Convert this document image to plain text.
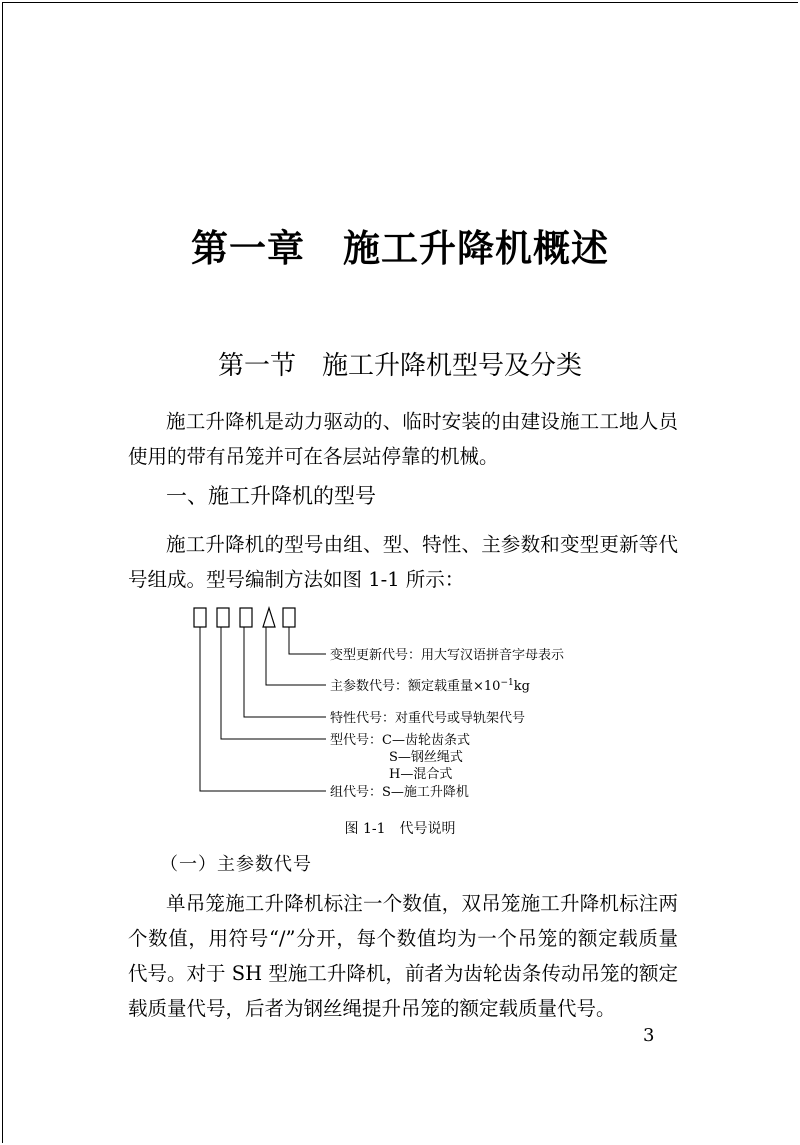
第一章　施工升降机概述
第一节　施工升降机型号及分类
施工升降机是动力驱动的、临时安装的由建设施工工地人员使用的带有吊笼并可在各层站停靠的机械。
一、施工升降机的型号
施工升降机的型号由组、型、特性、主参数和变型更新等代号组成。型号编制方法如图 1-1 所示：
变型更新代号：用大写汉语拼音字母表示
主参数代号：额定载重量$\times 10^{-1}kg$
特性代号：对重代号或导轨架代号
型代号：C—齿轮齿条式
S—钢丝绳式
H—混合式
组代号：S—施工升降机
图 1-1　代号说明
（一）主参数代号
单吊笼施工升降机标注一个数值，双吊笼施工升降机标注两个数值，用符号“/”分开，每个数值均为一个吊笼的额定载质量代号。对于 SH 型施工升降机，前者为齿轮齿条传动吊笼的额定载质量代号，后者为钢丝绳提升吊笼的额定载质量代号。
3
